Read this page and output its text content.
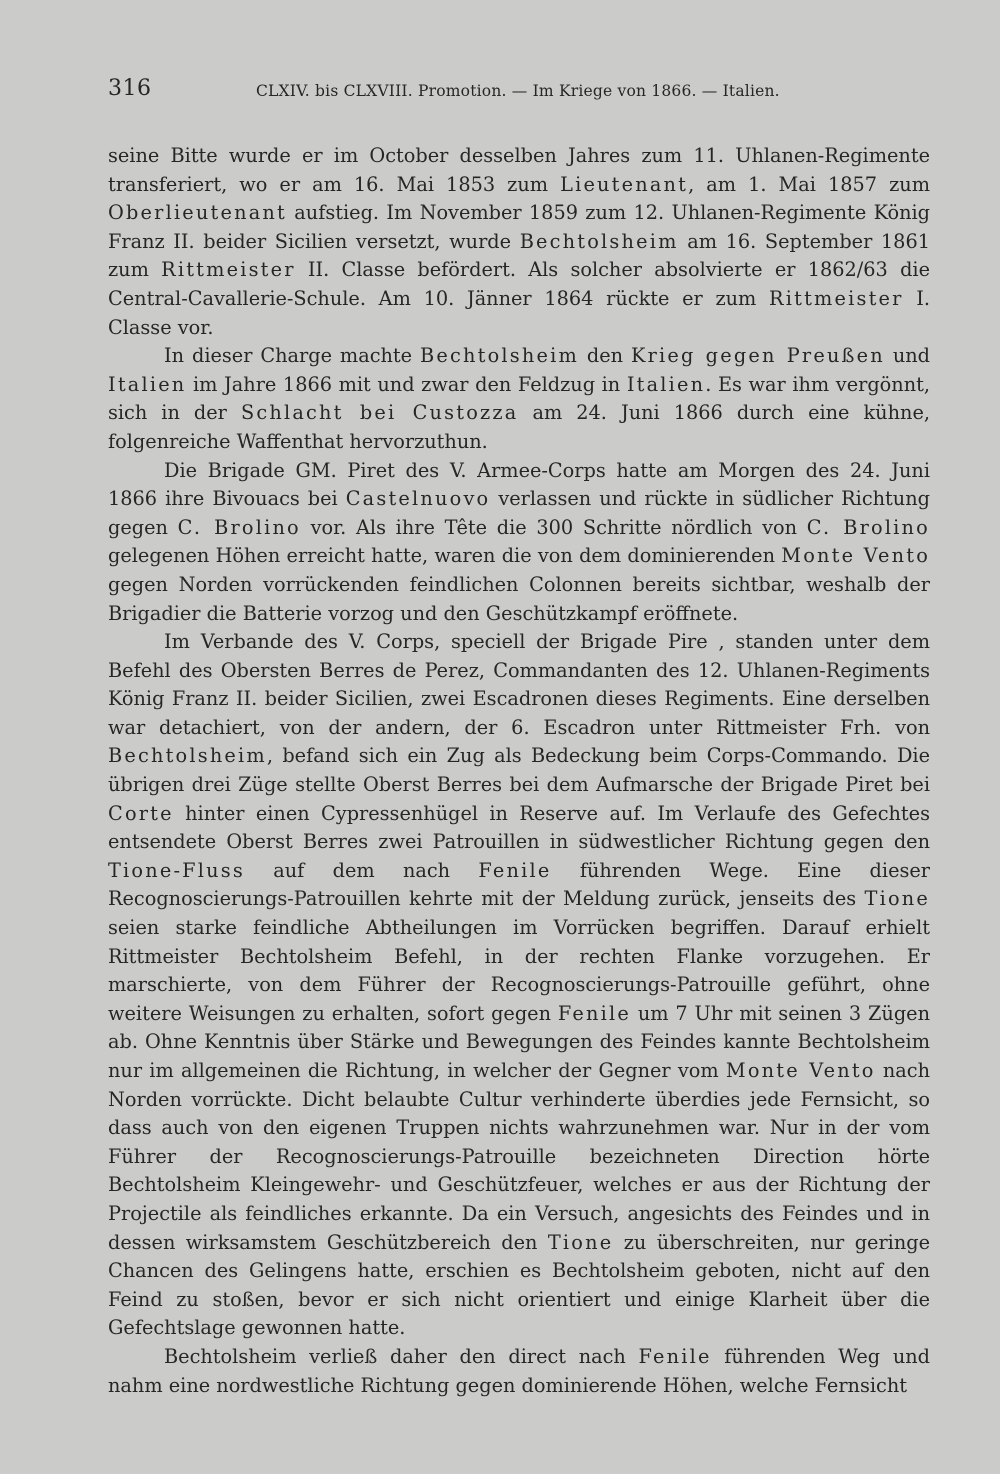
316	CLXIV. bis CLXVIII. Promotion. — Im Kriege von 1866. — Italien.

seine Bitte wurde er im October desselben Jahres zum 11. Uhlanen-Regimente transferiert, wo er am 16. Mai 1853 zum Lieutenant, am 1. Mai 1857 zum Oberlieutenant aufstieg. Im November 1859 zum 12. Uhlanen-Regimente König Franz II. beider Sicilien versetzt, wurde Bechtolsheim am 16. September 1861 zum Rittmeister II. Classe befördert. Als solcher absolvierte er 1862/63 die Central-Cavallerie-Schule. Am 10. Jänner 1864 rückte er zum Rittmeister I. Classe vor.

In dieser Charge machte Bechtolsheim den Krieg gegen Preußen und Italien im Jahre 1866 mit und zwar den Feldzug in Italien. Es war ihm vergönnt, sich in der Schlacht bei Custozza am 24. Juni 1866 durch eine kühne, folgenreiche Waffenthat hervorzuthun.

Die Brigade GM. Piret des V. Armee-Corps hatte am Morgen des 24. Juni 1866 ihre Bivouacs bei Castelnuovo verlassen und rückte in südlicher Richtung gegen C. Brolino vor. Als ihre Tête die 300 Schritte nördlich von C. Brolino gelegenen Höhen erreicht hatte, waren die von dem dominierenden Monte Vento gegen Norden vorrückenden feindlichen Colonnen bereits sichtbar, weshalb der Brigadier die Batterie vorzog und den Geschützkampf eröffnete.

Im Verbande des V. Corps, speciell der Brigade Pire , standen unter dem Befehl des Obersten Berres de Perez, Commandanten des 12. Uhlanen-Regiments König Franz II. beider Sicilien, zwei Escadronen dieses Regiments. Eine derselben war detachiert, von der andern, der 6. Escadron unter Rittmeister Frh. von Bechtolsheim, befand sich ein Zug als Bedeckung beim Corps-Commando. Die übrigen drei Züge stellte Oberst Berres bei dem Aufmarsche der Brigade Piret bei Corte hinter einen Cypressenhügel in Reserve auf. Im Verlaufe des Gefechtes entsendete Oberst Berres zwei Patrouillen in südwestlicher Richtung gegen den Tione-Fluss auf dem nach Fenile führenden Wege. Eine dieser Recognoscierungs-Patrouillen kehrte mit der Meldung zurück, jenseits des Tione seien starke feindliche Abtheilungen im Vorrücken begriffen. Darauf erhielt Rittmeister Bechtolsheim Befehl, in der rechten Flanke vorzugehen. Er marschierte, von dem Führer der Recognoscierungs-Patrouille geführt, ohne weitere Weisungen zu erhalten, sofort gegen Fenile um 7 Uhr mit seinen 3 Zügen ab. Ohne Kenntnis über Stärke und Bewegungen des Feindes kannte Bechtolsheim nur im allgemeinen die Richtung, in welcher der Gegner vom Monte Vento nach Norden vorrückte. Dicht belaubte Cultur verhinderte überdies jede Fernsicht, so dass auch von den eigenen Truppen nichts wahrzunehmen war. Nur in der vom Führer der Recognoscierungs-Patrouille bezeichneten Direction hörte Bechtolsheim Kleingewehr- und Geschützfeuer, welches er aus der Richtung der Projectile als feindliches erkannte. Da ein Versuch, angesichts des Feindes und in dessen wirksamstem Geschützbereich den Tione zu überschreiten, nur geringe Chancen des Gelingens hatte, erschien es Bechtolsheim geboten, nicht auf den Feind zu stoßen, bevor er sich nicht orientiert und einige Klarheit über die Gefechtslage gewonnen hatte.

Bechtolsheim verließ daher den direct nach Fenile führenden Weg und nahm eine nordwestliche Richtung gegen dominierende Höhen, welche Fernsicht
